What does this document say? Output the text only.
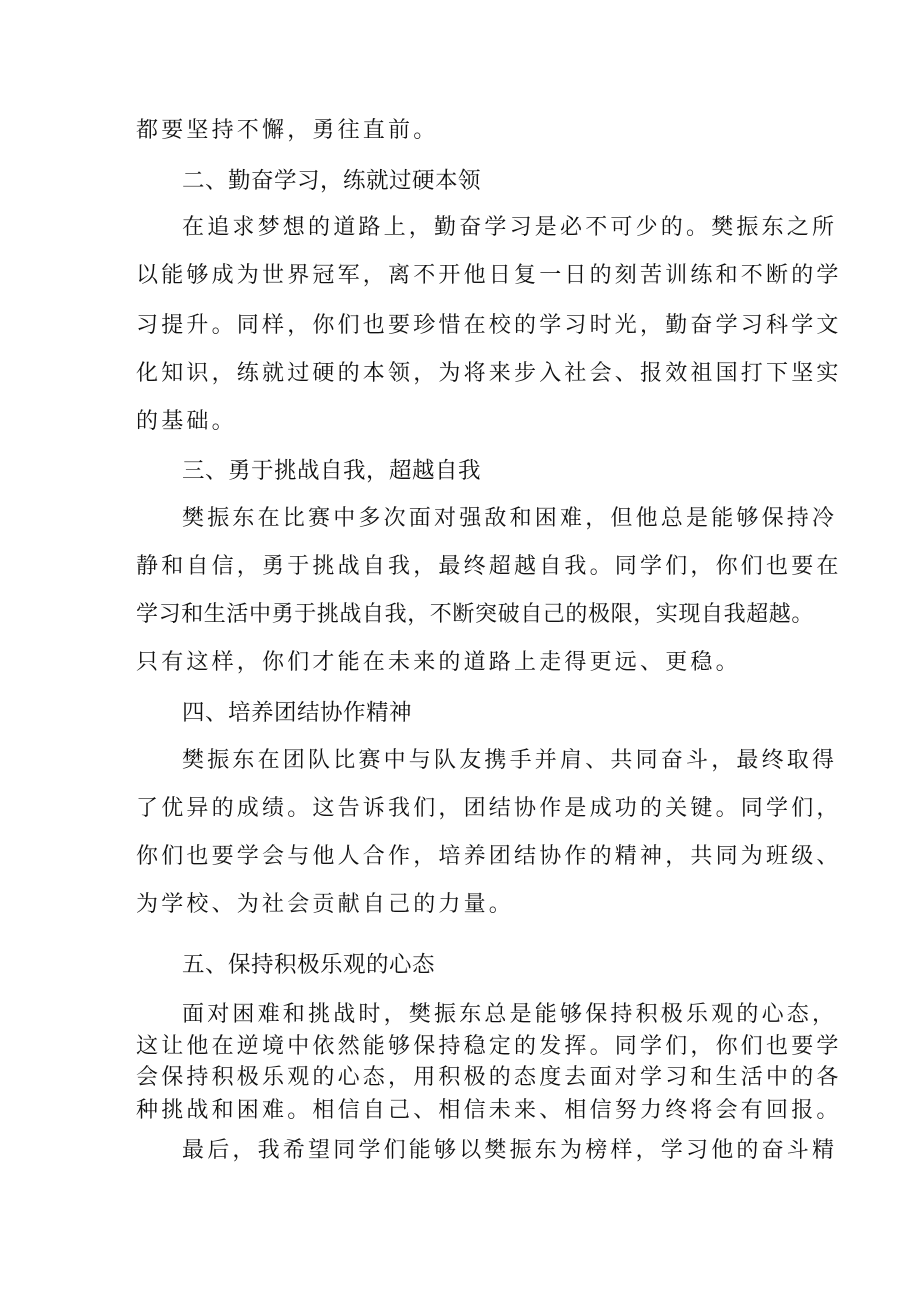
都要坚持不懈，勇往直前。
二、勤奋学习，练就过硬本领
在追求梦想的道路上，勤奋学习是必不可少的。樊振东之所
以能够成为世界冠军，离不开他日复一日的刻苦训练和不断的学
习提升。同样，你们也要珍惜在校的学习时光，勤奋学习科学文
化知识，练就过硬的本领，为将来步入社会、报效祖国打下坚实
的基础。
三、勇于挑战自我，超越自我
樊振东在比赛中多次面对强敌和困难，但他总是能够保持冷
静和自信，勇于挑战自我，最终超越自我。同学们，你们也要在
学习和生活中勇于挑战自我，不断突破自己的极限，实现自我超越。
只有这样，你们才能在未来的道路上走得更远、更稳。
四、培养团结协作精神
樊振东在团队比赛中与队友携手并肩、共同奋斗，最终取得
了优异的成绩。这告诉我们，团结协作是成功的关键。同学们，
你们也要学会与他人合作，培养团结协作的精神，共同为班级、
为学校、为社会贡献自己的力量。
五、保持积极乐观的心态
面对困难和挑战时，樊振东总是能够保持积极乐观的心态，
这让他在逆境中依然能够保持稳定的发挥。同学们，你们也要学
会保持积极乐观的心态，用积极的态度去面对学习和生活中的各
种挑战和困难。相信自己、相信未来、相信努力终将会有回报。
最后，我希望同学们能够以樊振东为榜样，学习他的奋斗精
